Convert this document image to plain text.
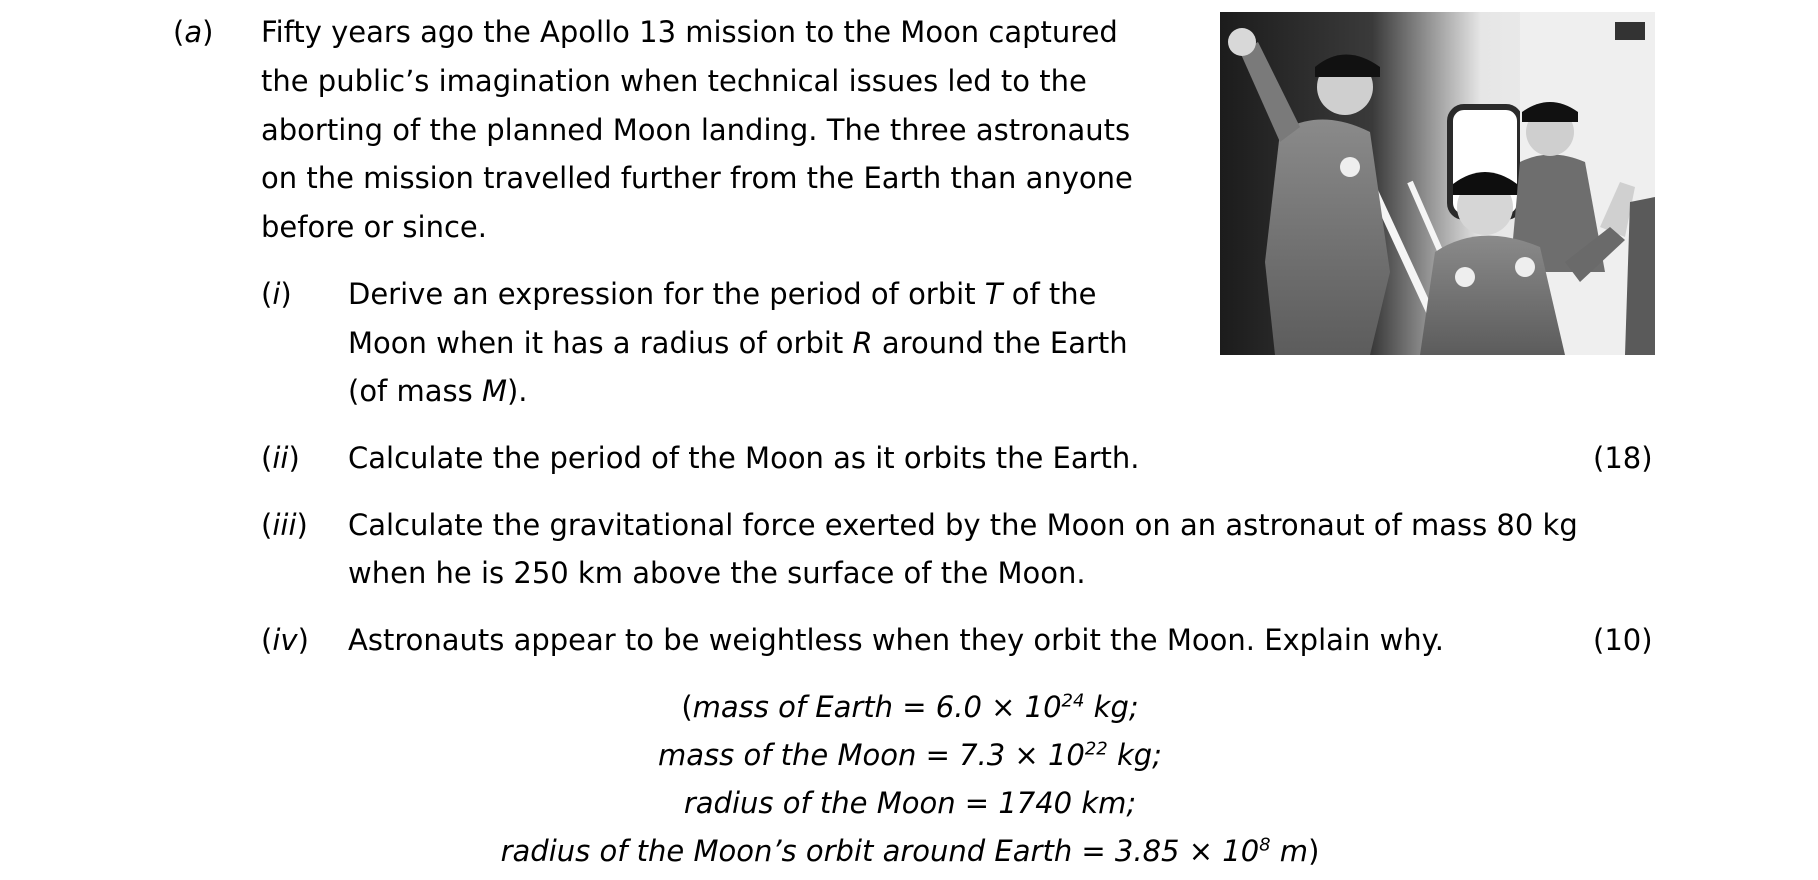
(a) Fifty years ago the Apollo 13 mission to the Moon captured
the public’s imagination when technical issues led to the
aborting of the planned Moon landing. The three astronauts
on the mission travelled further from the Earth than anyone
before or since.
(i) Derive an expression for the period of orbit T of the
Moon when it has a radius of orbit R around the Earth
(of mass M).
(ii) Calculate the period of the Moon as it orbits the Earth.	(18)
(iii) Calculate the gravitational force exerted by the Moon on an astronaut of mass 80 kg
when he is 250 km above the surface of the Moon.
(iv) Astronauts appear to be weightless when they orbit the Moon. Explain why.	(10)
(mass of Earth = $6.0 \times 10^{24}$ kg;
mass of the Moon = $7.3 \times 10^{22}$ kg;
radius of the Moon = 1740 km;
radius of the Moon’s orbit around Earth = $3.85 \times 10^8$ m)
